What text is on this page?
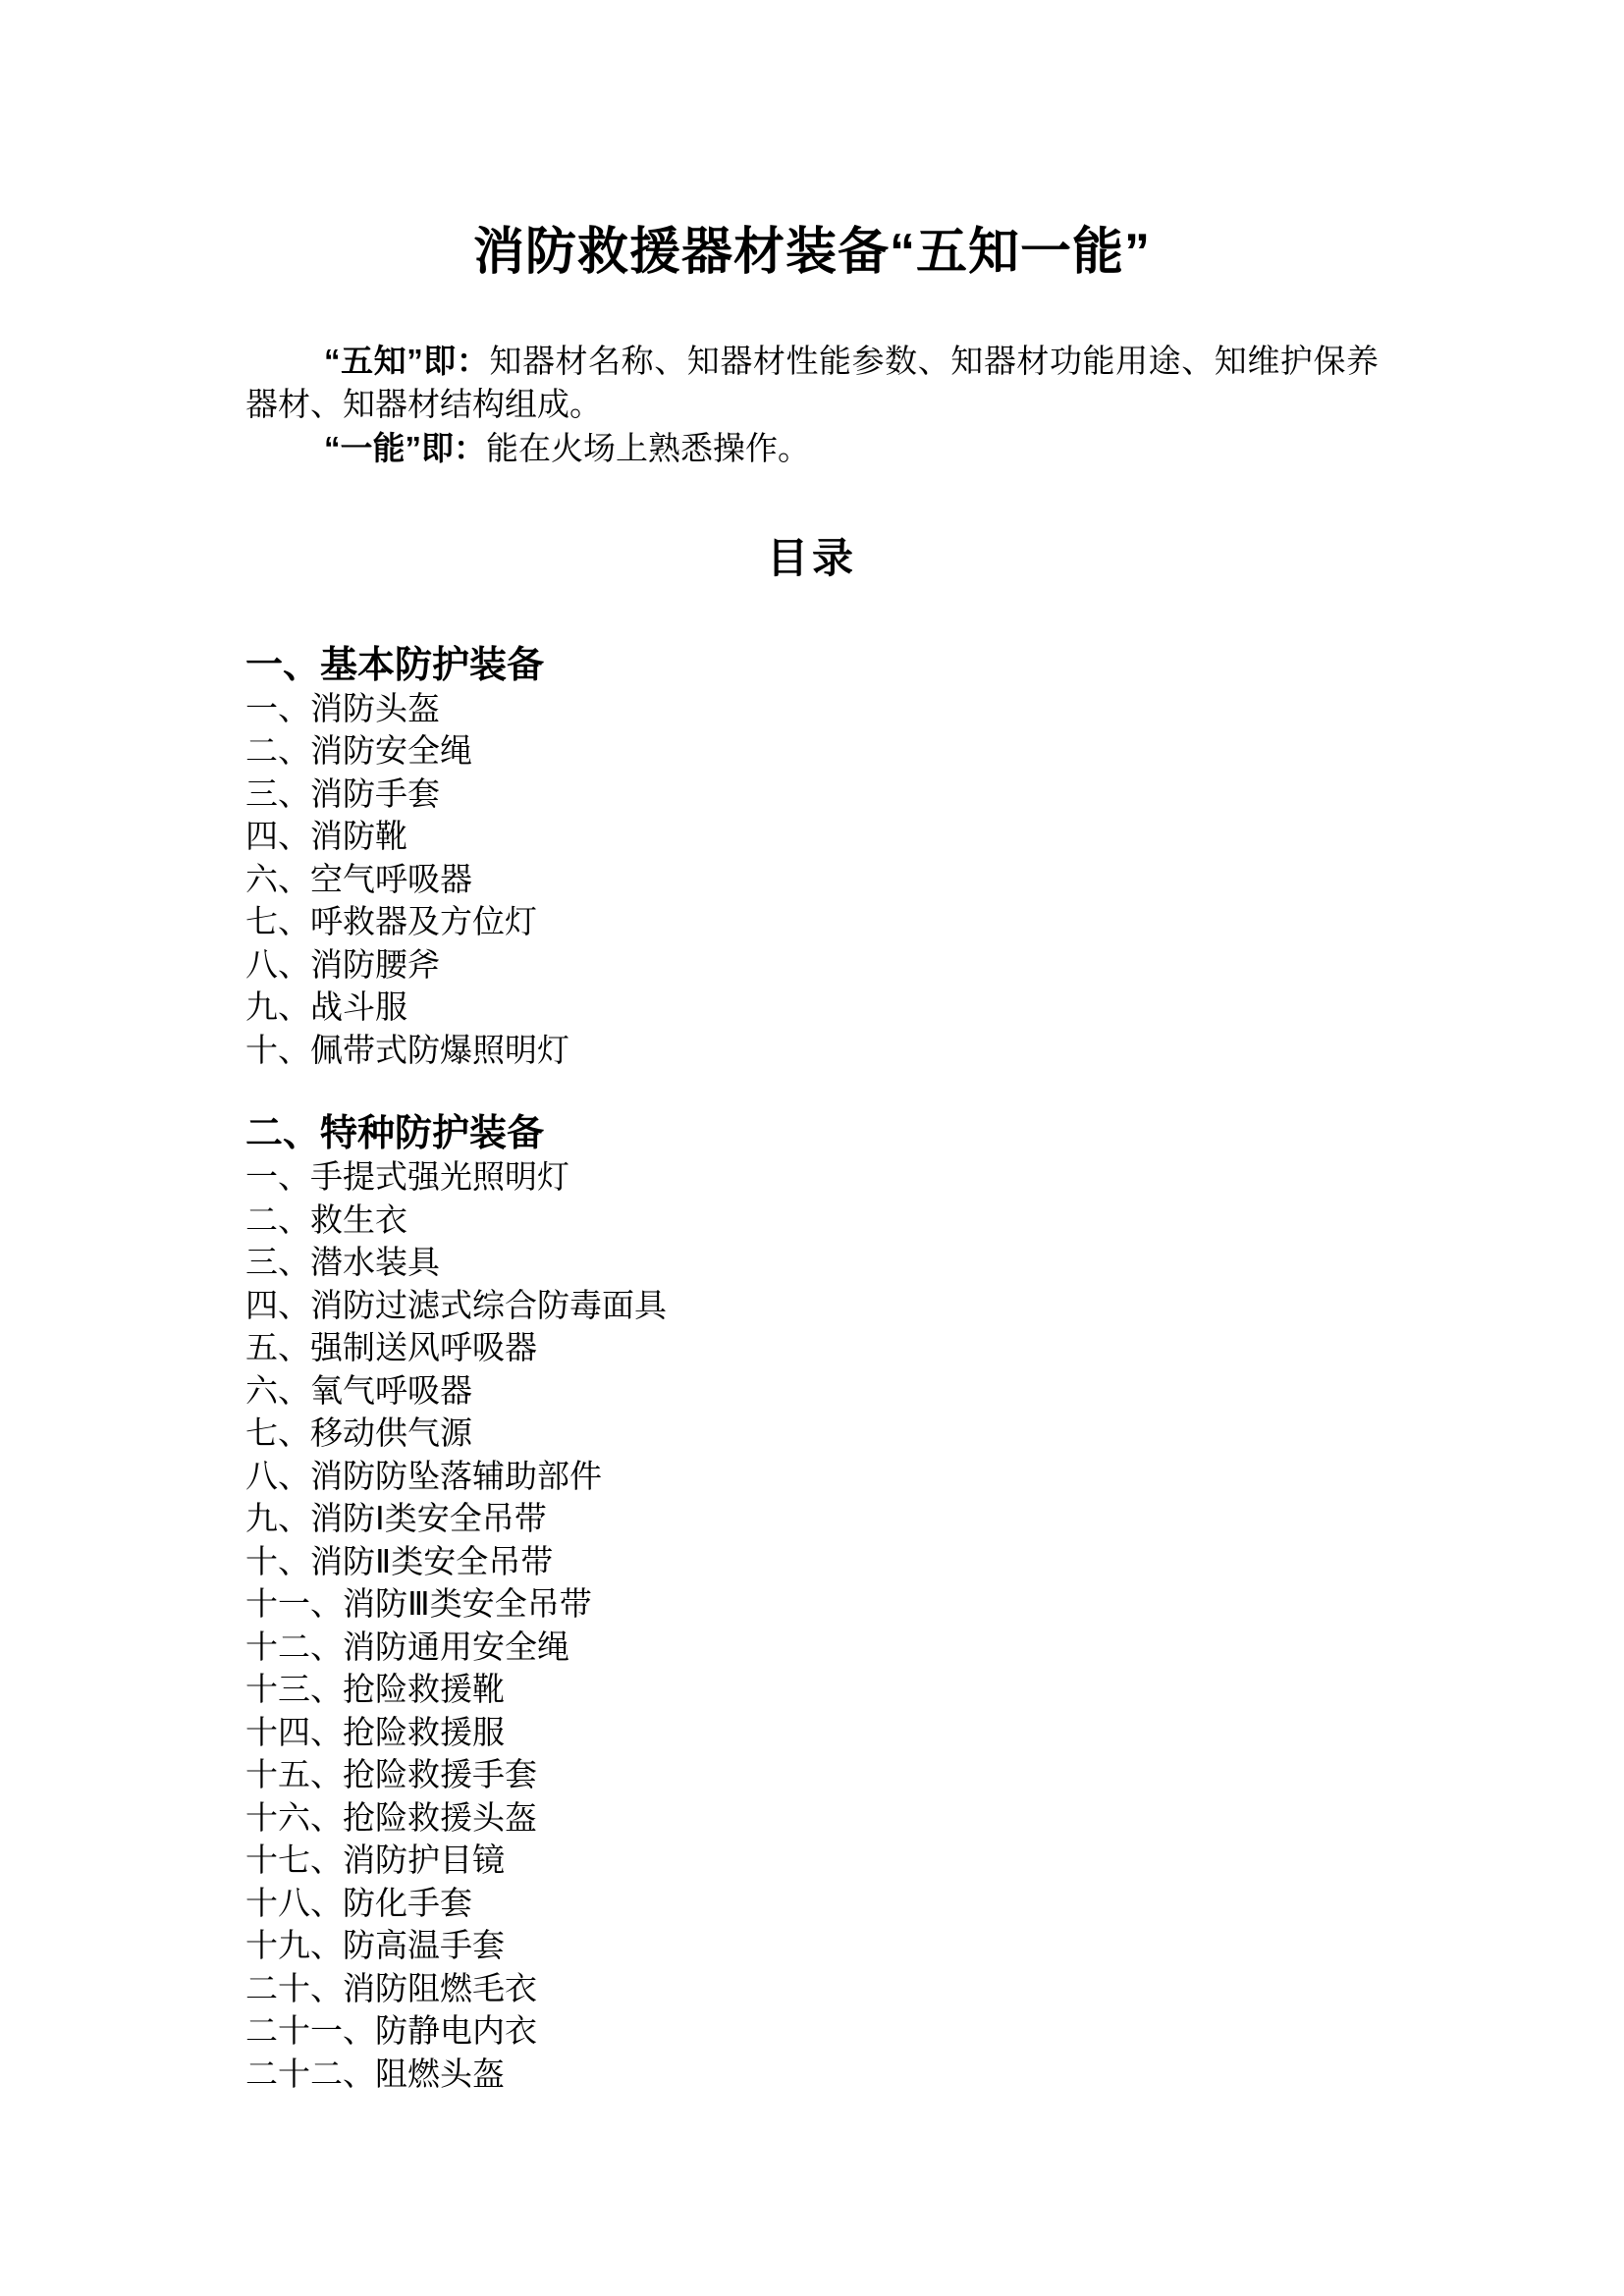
消防救援器材装备“五知一能”

“五知”即：知器材名称、知器材性能参数、知器材功能用途、知维护保养器材、知器材结构组成。

“一能”即：能在火场上熟悉操作。

目录
一、基本防护装备

一、消防头盔

二、消防安全绳

三、消防手套

四、消防靴

六、空气呼吸器

七、呼救器及方位灯

八、消防腰斧

九、战斗服

十、佩带式防爆照明灯

二、特种防护装备

一、手提式强光照明灯

二、救生衣

三、潜水装具

四、消防过滤式综合防毒面具

五、强制送风呼吸器

六、氧气呼吸器

七、移动供气源

八、消防防坠落辅助部件

九、消防Ⅰ类安全吊带

十、消防Ⅱ类安全吊带

十一、消防Ⅲ类安全吊带

十二、消防通用安全绳

十三、抢险救援靴

十四、抢险救援服

十五、抢险救援手套

十六、抢险救援头盔

十七、消防护目镜

十八、防化手套

十九、防高温手套

二十、消防阻燃毛衣

二十一、防静电内衣

二十二、阻燃头盔
